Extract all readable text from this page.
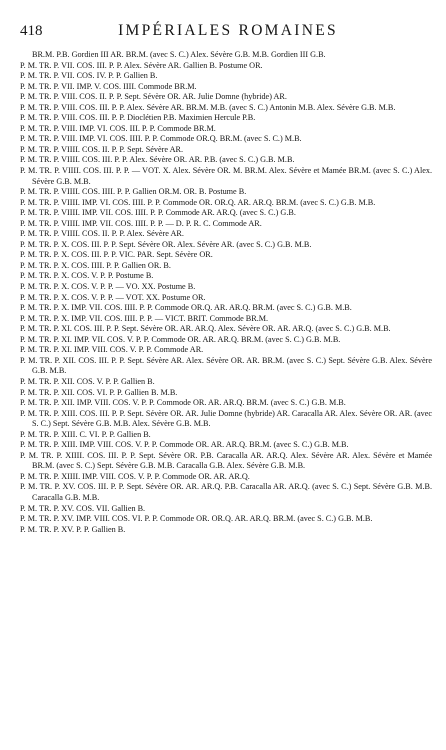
418	IMPÉRIALES ROMAINES
BR.M. P.B. Gordien III AR. BR.M. (avec S. C.) Alex. Sévère G.B. M.B. Gordien III G.B.
P. M. TR. P. VII. COS. III. P. P. Alex. Sévère AR. Gallien B. Postume OR.
P. M. TR. P. VII. COS. IV. P. P. Gallien B.
P. M. TR. P. VII. IMP. V. COS. IIII. Commode BR.M.
P. M. TR. P. VIII. COS. II. P. P. Sept. Sévère OR. AR. Julie Domne (hybride) AR.
P. M. TR. P. VIII. COS. III. P. P. Alex. Sévère AR. BR.M. M.B. (avec S. C.) Antonin M.B. Alex. Sévère G.B. M.B.
P. M. TR. P. VIII. COS. III. P. P. Dioclétien P.B. Maximien Hercule P.B.
P. M. TR. P. VIII. IMP. VI. COS. III. P. P. Commode BR.M.
P. M. TR. P. VIII. IMP. VI. COS. IIII. P. P. Commode OR.Q. BR.M. (avec S. C.) M.B.
P. M. TR. P. VIIII. COS. II. P. P. Sept. Sévère AR.
P. M. TR. P. VIIII. COS. III. P. P. Alex. Sévère OR. AR. P.B. (avec S. C.) G.B. M.B.
P. M. TR. P. VIIII. COS. III. P. P. — VOT. X. Alex. Sévère OR. M. BR.M. Alex. Sévère et Mamée BR.M. (avec S. C.) Alex. Sévère G.B. M.B.
P. M. TR. P. VIIII. COS. IIII. P. P. Gallien OR.M. OR. B. Postume B.
P. M. TR. P. VIIII. IMP. VI. COS. IIII. P. P. Commode OR. OR.Q. AR. AR.Q. BR.M. (avec S. C.) G.B. M.B.
P. M. TR. P. VIIII. IMP. VII. COS. IIII. P. P. Commode AR. AR.Q. (avec S. C.) G.B.
P. M. TR. P. VIIII. IMP. VII. COS. IIII. P. P. — D. P. R. C. Commode AR.
P. M. TR. P. VIIII. COS. II. P. P. Alex. Sévère AR.
P. M. TR. P. X. COS. III. P. P. Sept. Sévère OR. Alex. Sévère AR. (avec S. C.) G.B. M.B.
P. M. TR. P. X. COS. III. P. P. VIC. PAR. Sept. Sévère OR.
P. M. TR. P. X. COS. IIII. P. P. Gallien OR. B.
P. M. TR. P. X. COS. V. P. P. Postume B.
P. M. TR. P. X. COS. V. P. P. — VO. XX. Postume B.
P. M. TR. P. X. COS. V. P. P. — VOT. XX. Postume OR.
P. M. TR. P. X. IMP. VII. COS. IIII. P. P. Commode OR.Q. AR. AR.Q. BR.M. (avec S. C.) G.B. M.B.
P. M. TR. P. X. IMP. VII. COS. IIII. P. P. — VICT. BRIT. Commode BR.M.
P. M. TR. P. XI. COS. III. P. P. Sept. Sévère OR. AR. AR.Q. Alex. Sévère OR. AR. AR.Q. (avec S. C.) G.B. M.B.
P. M. TR. P. XI. IMP. VII. COS. V. P. P. Commode OR. AR. AR.Q. BR.M. (avec S. C.) G.B. M.B.
P. M. TR. P. XI. IMP. VIII. COS. V. P. P. Commode AR.
P. M. TR. P. XII. COS. III. P. P. Sept. Sévère AR. Alex. Sévère OR. AR. BR.M. (avec S. C.) Sept. Sévère G.B. Alex. Sévère G.B. M.B.
P. M. TR. P. XII. COS. V. P. P. Gallien B.
P. M. TR. P. XII. COS. VI. P. P. Gallien B. M.B.
P. M. TR. P. XII. IMP. VIII. COS. V. P. P. Commode OR. AR. AR.Q. BR.M. (avec S. C.) G.B. M.B.
P. M. TR. P. XIII. COS. III. P. P. Sept. Sévère OR. AR. Julie Domne (hybride) AR. Caracalla AR. Alex. Sévère OR. AR. (avec S. C.) Sept. Sévère G.B. M.B. Alex. Sévère G.B. M.B.
P. M. TR. P. XIII. C. VI. P. P. Gallien B.
P. M. TR. P. XIII. IMP. VIII. COS. V. P. P. Commode OR. AR. AR.Q. BR.M. (avec S. C.) G.B. M.B.
P. M. TR. P. XIIII. COS. III. P. P. Sept. Sévère OR. P.B. Caracalla AR. AR.Q. Alex. Sévère AR. Alex. Sévère et Mamée BR.M. (avec S. C.) Sept. Sévère G.B. M.B. Caracalla G.B. Alex. Sévère G.B. M.B.
P. M. TR. P. XIIII. IMP. VIII. COS. V. P. P. Commode OR. AR. AR.Q.
P. M. TR. P. XV. COS. III. P. P. Sept. Sévère OR. AR. AR.Q. P.B. Caracalla AR. AR.Q. (avec S. C.) Sept. Sévère G.B. M.B. Caracalla G.B. M.B.
P. M. TR. P. XV. COS. VII. Gallien B.
P. M. TR. P. XV. IMP. VIII. COS. VI. P. P. Commode OR. OR.Q. AR. AR.Q. BR.M. (avec S. C.) G.B. M.B.
P. M. TR. P. XV. P. P. Gallien B.
